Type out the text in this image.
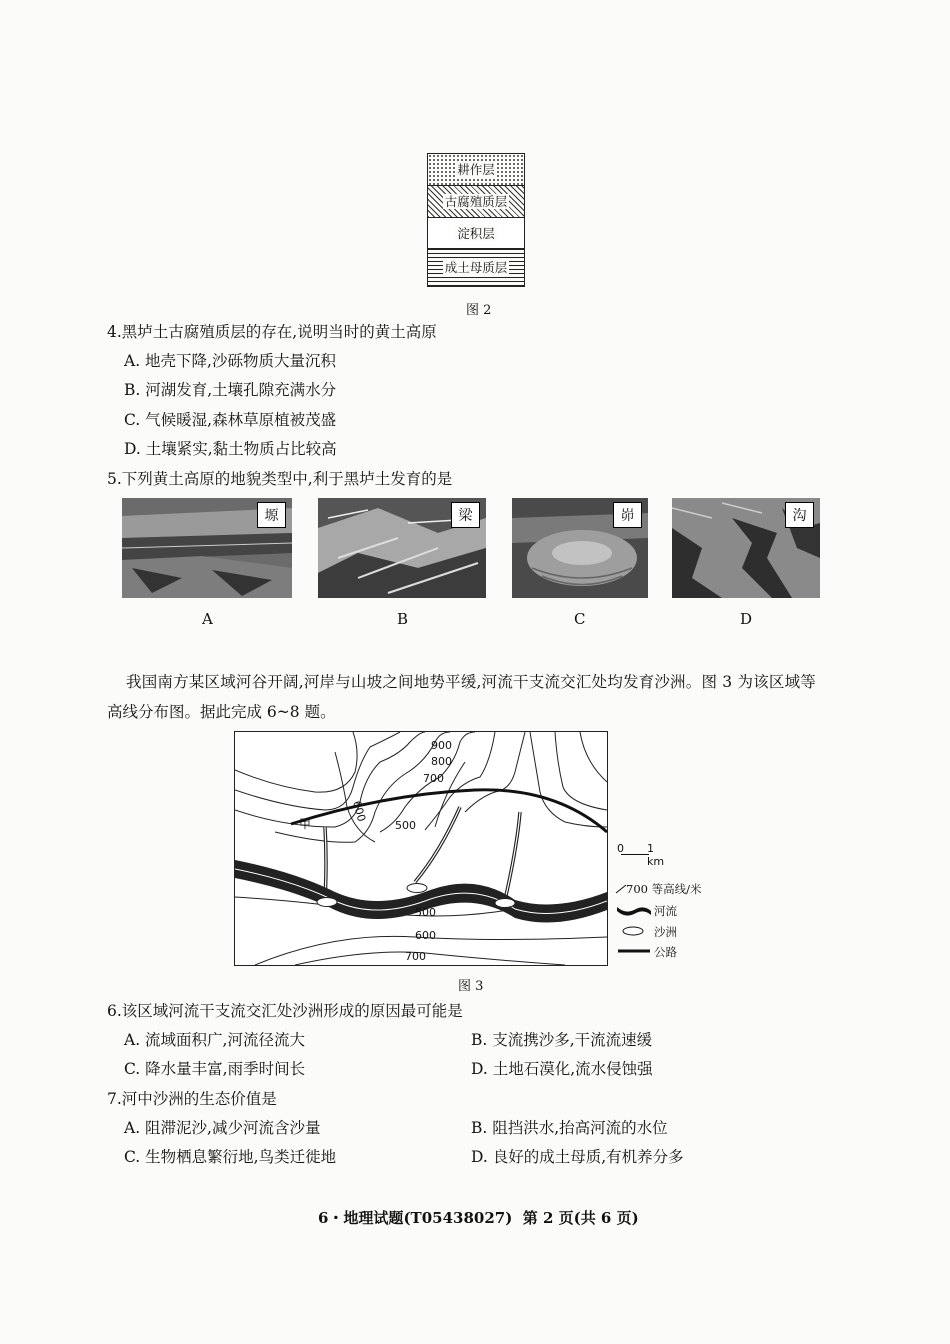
耕作层
古腐殖质层
淀积层
成土母质层
图 2
4.黑垆土古腐殖质层的存在,说明当时的黄土高原
A. 地壳下降,沙砾物质大量沉积
B. 河湖发育,土壤孔隙充满水分
C. 气候暖湿,森林草原植被茂盛
D. 土壤紧实,黏土物质占比较高
5.下列黄土高原的地貌类型中,利于黑垆土发育的是
塬	梁	峁	沟
A	B	C	D
我国南方某区域河谷开阔,河岸与山坡之间地势平缓,河流干支流交汇处均发育沙洲。图 3 为该区域等
高线分布图。据此完成 6~8 题。
900
800
700
600
500
500
600
700
甲
0 1 km
700 等高线/米
河流
沙洲
公路
图 3
6.该区域河流干支流交汇处沙洲形成的原因最可能是
A. 流域面积广,河流径流大	B. 支流携沙多,干流流速缓
C. 降水量丰富,雨季时间长	D. 土地石漠化,流水侵蚀强
7.河中沙洲的生态价值是
A. 阻滞泥沙,减少河流含沙量	B. 阻挡洪水,抬高河流的水位
C. 生物栖息繁衍地,鸟类迁徙地	D. 良好的成土母质,有机养分多
6・地理试题(T05438027)  第 2 页(共 6 页)
